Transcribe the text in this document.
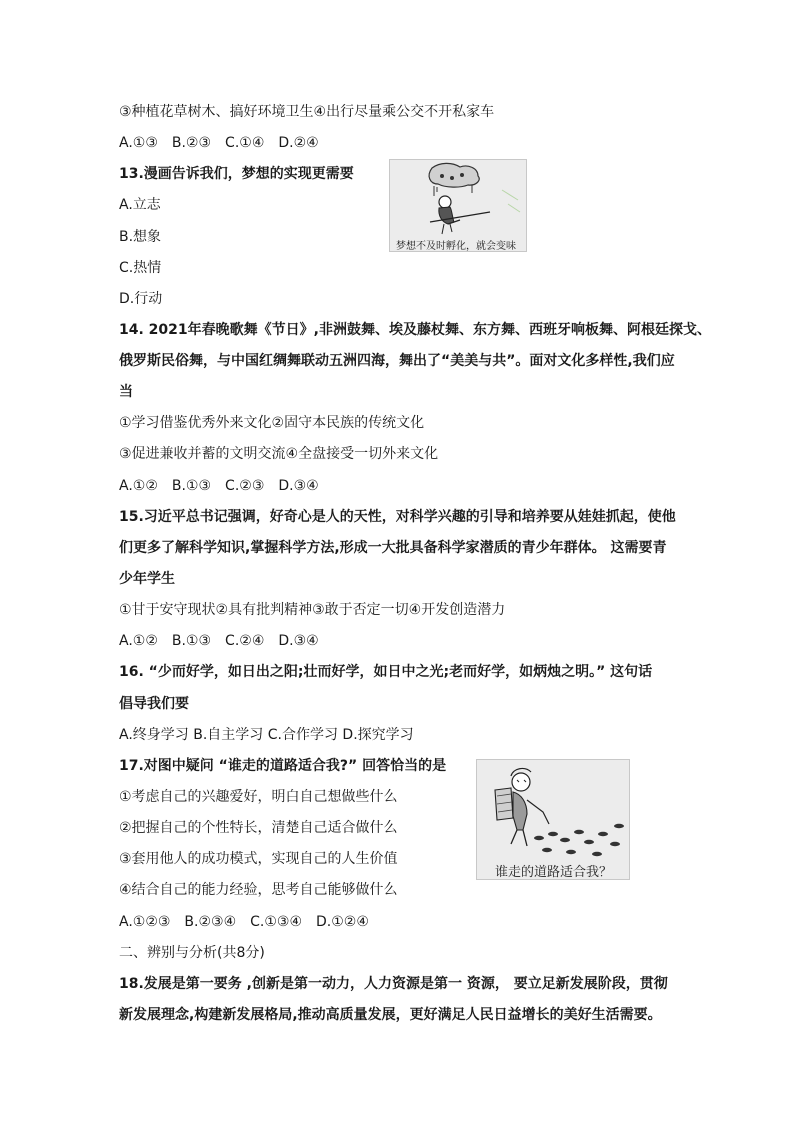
③种植花草树木、搞好环境卫生④出行尽量乘公交不开私家车
A.①③　B.②③　C.①④　D.②④
13.漫画告诉我们，梦想的实现更需要
A.立志
B.想象
C.热情
D.行动
14. 2021年春晚歌舞《节日》,非洲鼓舞、埃及藤杖舞、东方舞、西班牙响板舞、阿根廷探戈、
俄罗斯民俗舞，与中国红绸舞联动五洲四海，舞出了“美美与共”。面对文化多样性,我们应
当
①学习借鉴优秀外来文化②固守本民族的传统文化
③促进兼收并蓄的文明交流④全盘接受一切外来文化
A.①②　B.①③　C.②③　D.③④
15.习近平总书记强调，好奇心是人的天性，对科学兴趣的引导和培养要从娃娃抓起，使他
们更多了解科学知识,掌握科学方法,形成一大批具备科学家潜质的青少年群体。 这需要青
少年学生
①甘于安守现状②具有批判精神③敢于否定一切④开发创造潜力
A.①②　B.①③　C.②④　D.③④
16. “少而好学，如日出之阳;壮而好学，如日中之光;老而好学，如炳烛之明。” 这句话
倡导我们要
A.终身学习 B.自主学习 C.合作学习 D.探究学习
17.对图中疑问 “谁走的道路适合我?” 回答恰当的是
①考虑自己的兴趣爱好，明白自己想做些什么
②把握自己的个性特长，清楚自己适合做什么
③套用他人的成功模式，实现自己的人生价值
④结合自己的能力经验，思考自己能够做什么
A.①②③　B.②③④　C.①③④　D.①②④
二、辨别与分析(共8分)
18.发展是第一要务 ,创新是第一动力，人力资源是第一 资源， 要立足新发展阶段，贯彻
新发展理念,构建新发展格局,推动高质量发展，更好满足人民日益增长的美好生活需要。
梦想不及时孵化，就会变味
谁走的道路适合我？
